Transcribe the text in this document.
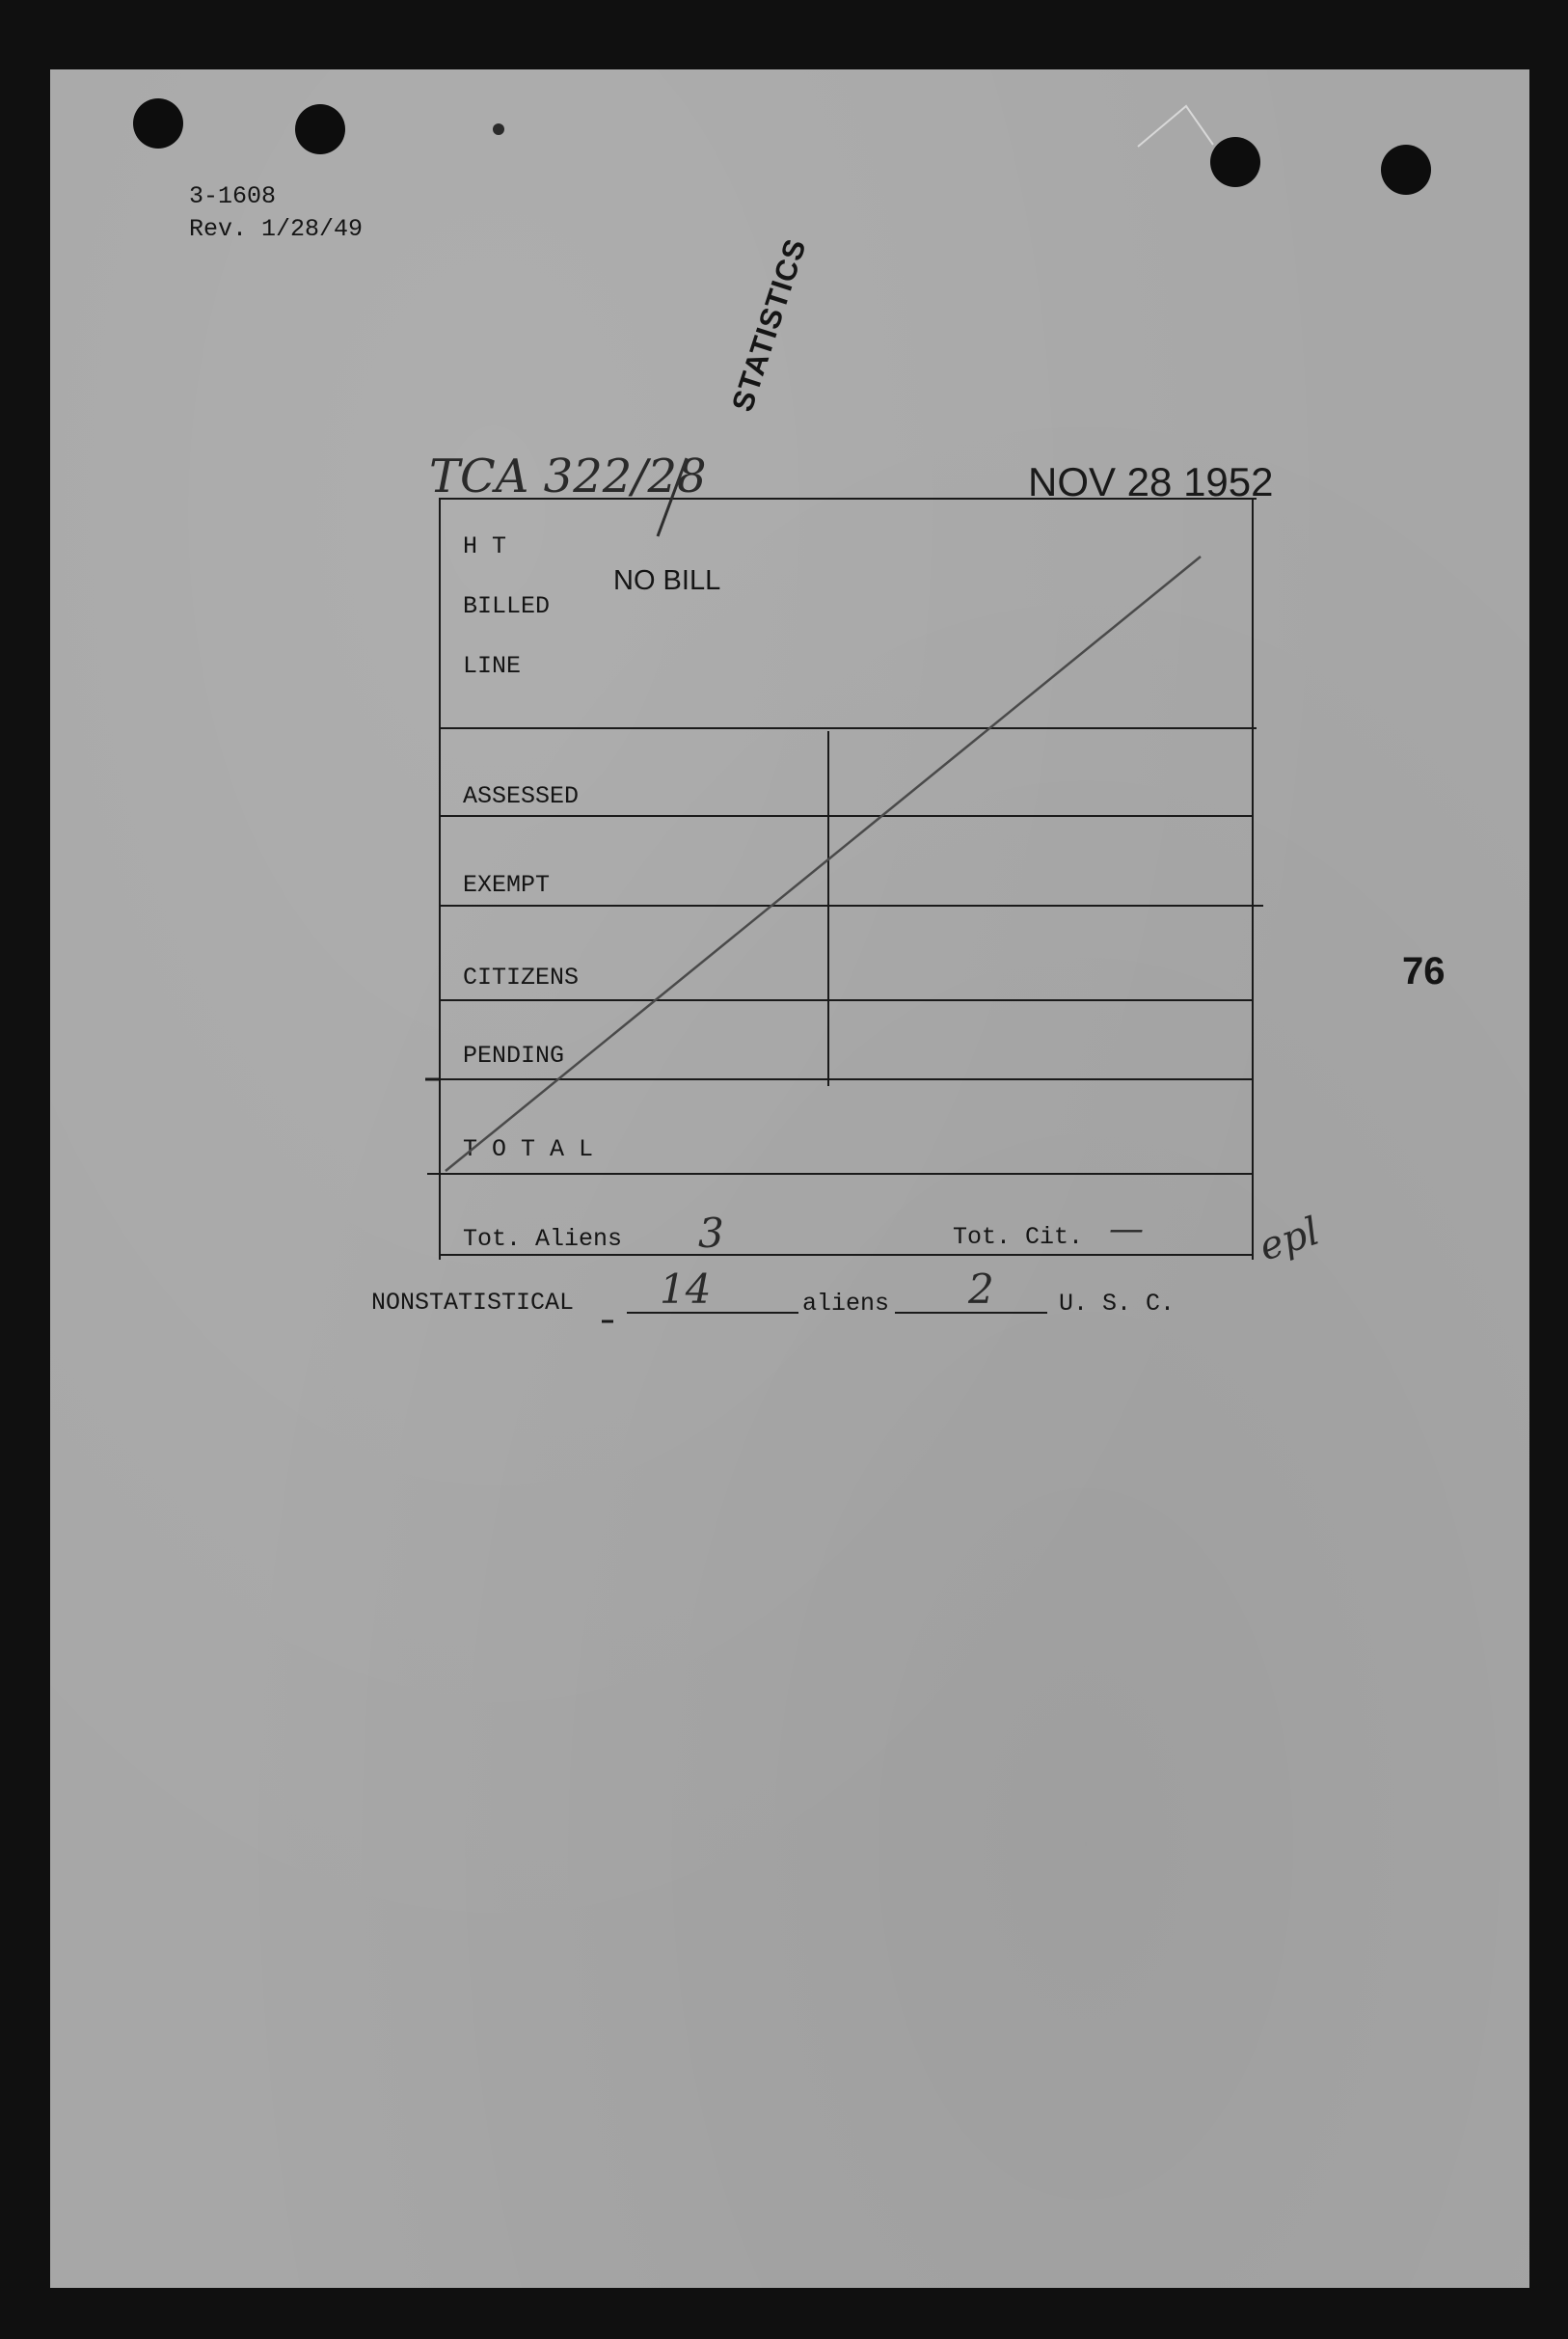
3-1608
Rev. 1/28/49
STATISTICS
TCA 322/28	NOV 28 1952
76
H T
BILLED
LINE
NO BILL
ASSESSED
EXEMPT
CITIZENS
PENDING
T O T A L
Tot. Aliens 3	Tot. Cit. —	epl
NONSTATISTICAL 14	aliens 2	U. S. C.
